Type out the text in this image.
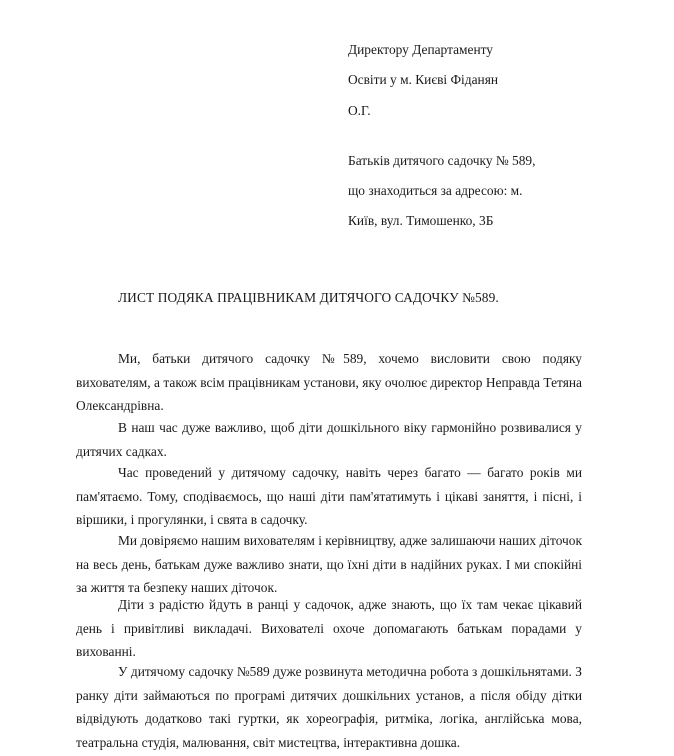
Директору Департаменту
Освіти у м. Києві Фіданян
О.Г.
Батьків дитячого садочку № 589,
що знаходиться за адресою: м.
Київ, вул. Тимошенко, 3Б
ЛИСТ ПОДЯКА ПРАЦІВНИКАМ ДИТЯЧОГО САДОЧКУ №589.

Ми, батьки дитячого садочку №589, хочемо висловити свою подяку вихователям, а також всім працівникам установи, яку очолює директор Неправда Тетяна Олександрівна.

В наш час дуже важливо, щоб діти дошкільного віку гармонійно розвивалися у дитячих садках.

Час проведений у дитячому садочку, навіть через багато — багато років ми пам'ятаємо. Тому, сподіваємось, що наші діти пам'ятатимуть і цікаві заняття, і пісні, і віршики, і прогулянки, і свята в садочку.

Ми довіряємо нашим вихователям і керівництву, адже залишаючи наших діточок на весь день, батькам дуже важливо знати, що їхні діти в надійних руках. І ми спокійні за життя та безпеку наших діточок.

Діти з радістю йдуть в ранці у садочок, адже знають, що їх там чекає цікавий день і привітливі викладачі. Вихователі охоче допомагають батькам порадами у вихованні.

У дитячому садочку №589 дуже розвинута методична робота з дошкільнятами. З ранку діти займаються по програмі дитячих дошкільних установ, а після обіду дітки відвідують додатково такі гуртки, як хореографія, ритміка, логіка, англійська мова, театральна студія, малювання, світ мистецтва, інтерактивна дошка.
